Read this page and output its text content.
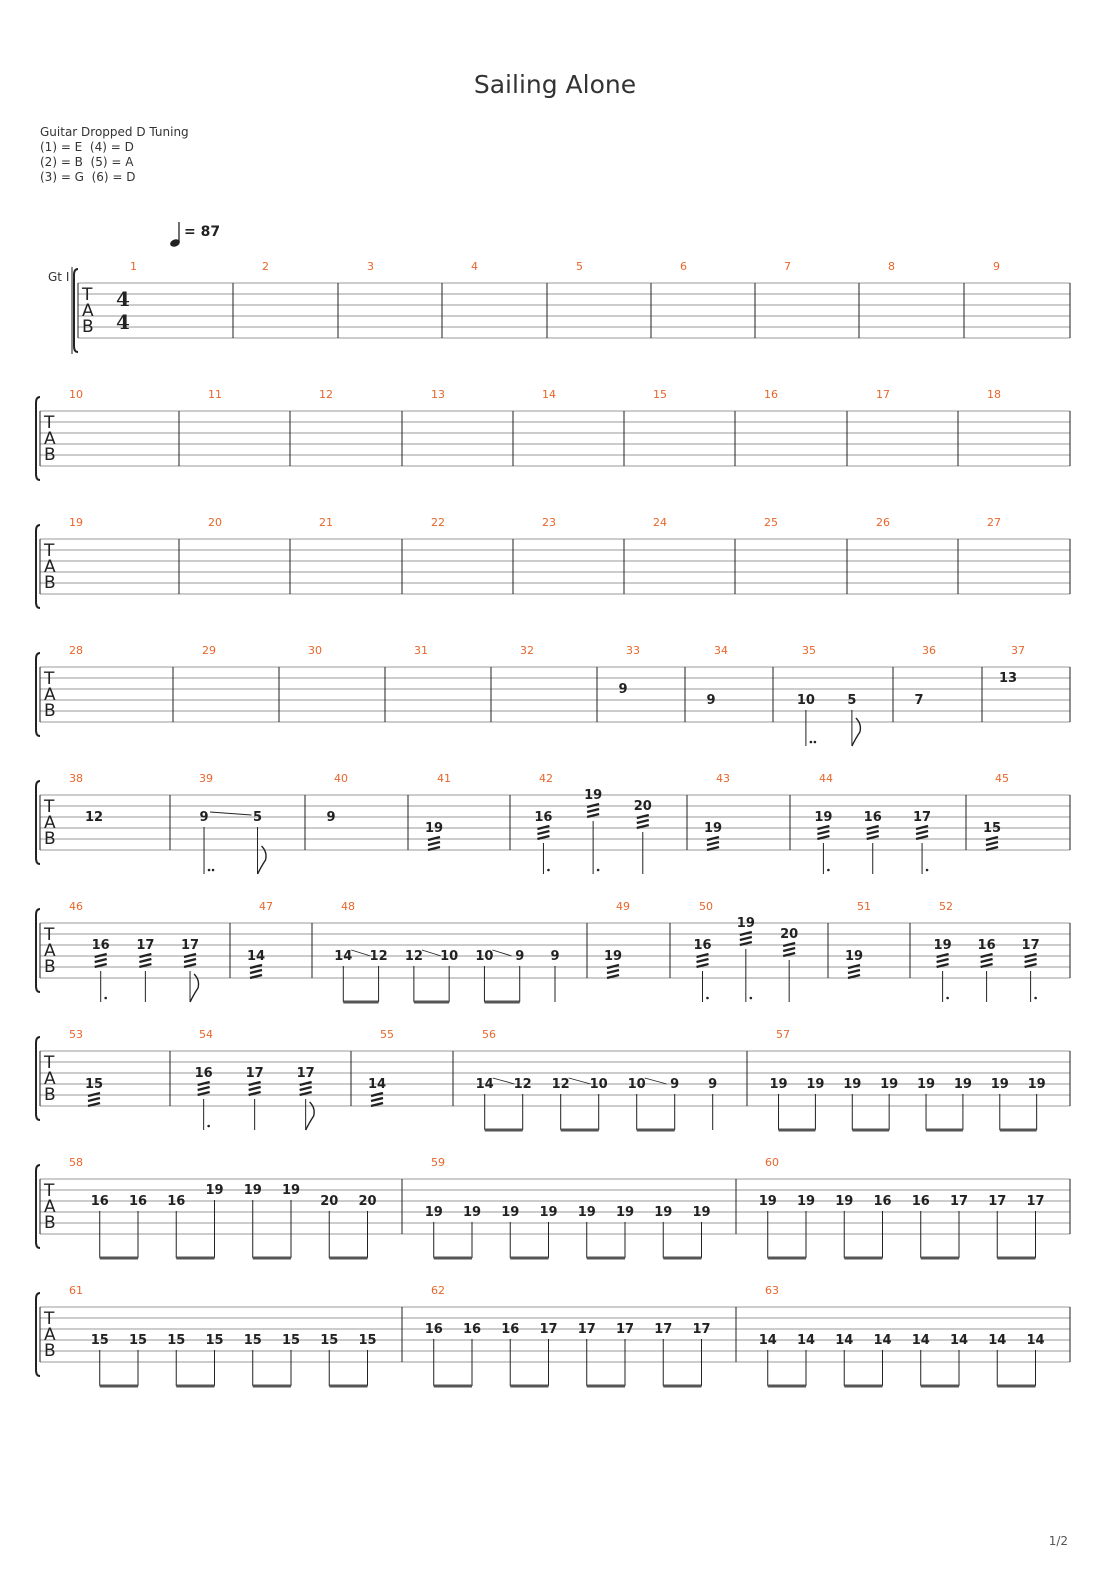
Sailing Alone
Guitar Dropped D Tuning
(1) = E  (4) = D
(2) = B  (5) = A
(3) = G  (6) = D
= 87
Gt I
T
A
B
4
4
1	2	3	4	5	6	7	8	9
T
A
B
10	11	12	13	14	15	16	17	18
T
A
B
19	20	21	22	23	24	25	26	27
T
A
B
28	29	30	31	32	33
9
34
9
35
10 5
36
7
37
13
T
A
B
38
12
39
9	5
40
9
41
19
42
16
19
20
43
19
44
19 16 17
45
15
T
A
B
46
16 17 17
47
14
48
14 12 12 10 10 9 9
49
19
50
16
19
20
51
19
52
19 16 17
T
A
B
53
15
54
16	17	17
55
14
56
14 12 12 10 10 9 9
57
19 19 19 19 19 19 19 19
T
A
B
58
16 16 16
19 19 19
20 20
59
19 19 19 19 19 19 19 19
60
19 19 19 16 16 17 17 17
T
A
B
61
15 15 15 15 15 15 15 15
62
16 16 16 17 17 17 17 17
63
14 14 14 14 14 14 14 14
1/2
